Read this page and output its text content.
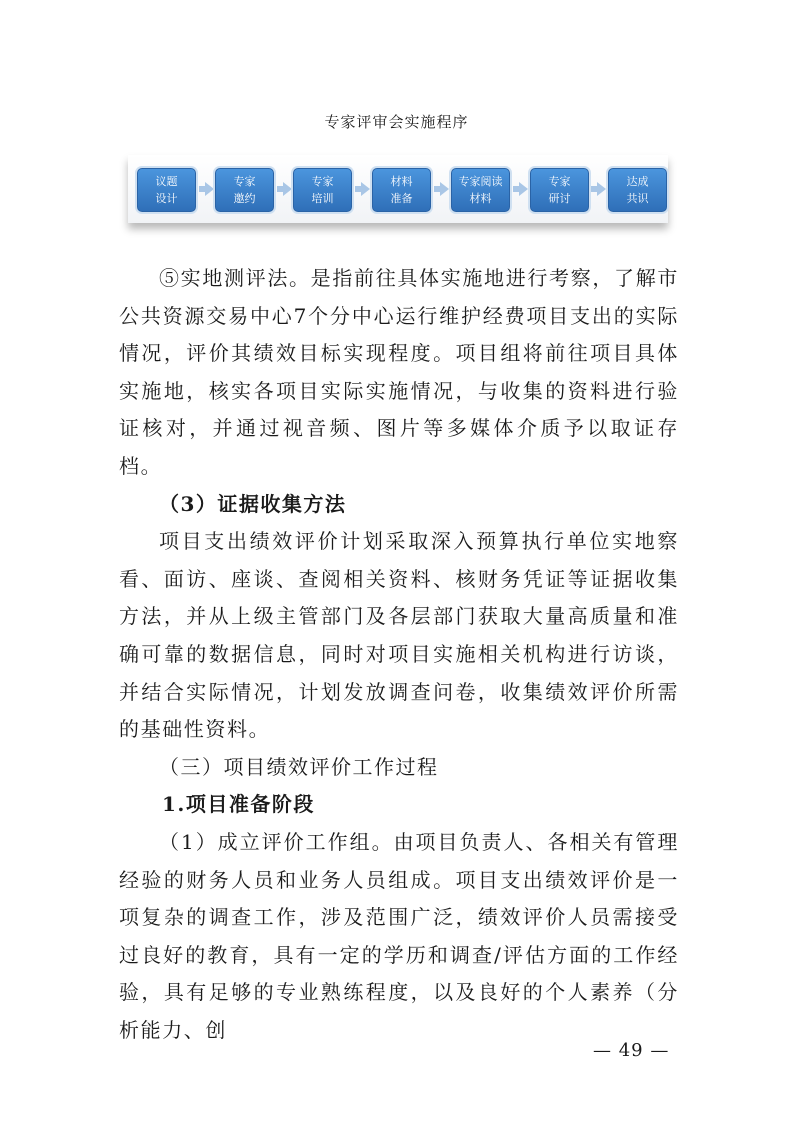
专家评审会实施程序
议题
设计
专家
邀约
专家
培训
材料
准备
专家阅读
材料
专家
研讨
达成
共识

⑤实地测评法。是指前往具体实施地进行考察，了解市公共资源交易中心7个分中心运行维护经费项目支出的实际情况，评价其绩效目标实现程度。项目组将前往项目具体实施地，核实各项目实际实施情况，与收集的资料进行验证核对，并通过视音频、图片等多媒体介质予以取证存档。

（3）证据收集方法

项目支出绩效评价计划采取深入预算执行单位实地察看、面访、座谈、查阅相关资料、核财务凭证等证据收集方法，并从上级主管部门及各层部门获取大量高质量和准确可靠的数据信息，同时对项目实施相关机构进行访谈，并结合实际情况，计划发放调查问卷，收集绩效评价所需的基础性资料。

（三）项目绩效评价工作过程

1.项目准备阶段

（1）成立评价工作组。由项目负责人、各相关有管理经验的财务人员和业务人员组成。项目支出绩效评价是一项复杂的调查工作，涉及范围广泛，绩效评价人员需接受过良好的教育，具有一定的学历和调查/评估方面的工作经验，具有足够的专业熟练程度，以及良好的个人素养（分析能力、创

— 49 —
